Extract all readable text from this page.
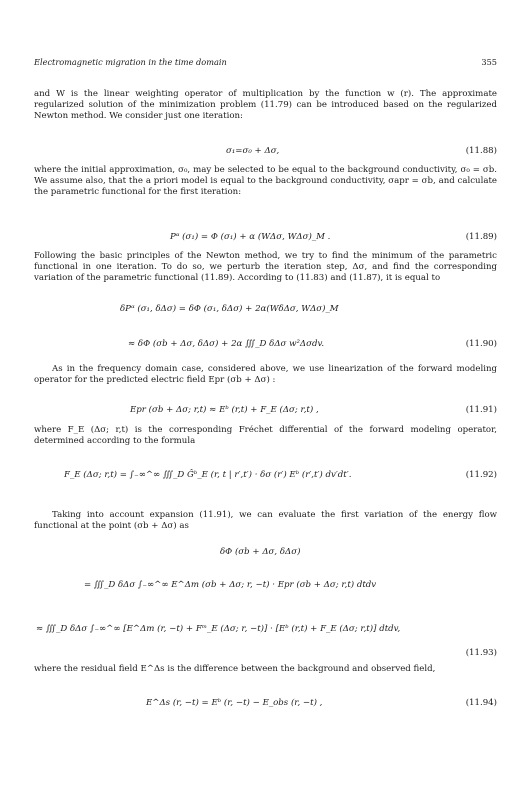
Electromagnetic migration in the time domain	355
and W is the linear weighting operator of multiplication by the function w (r). The approximate regularized solution of the minimization problem (11.79) can be introduced based on the regularized Newton method. We consider just one iteration:
σ₁=σ₀ + Δσ,	(11.88)
where the initial approximation, σ₀, may be selected to be equal to the background conductivity, σ₀ = σb. We assume also, that the a priori model is equal to the background conductivity, σapr = σb, and calculate the parametric functional for the first iteration:
Pᵅ (σ₁) = Φ (σ₁) + α (WΔσ, WΔσ)_M .	(11.89)
Following the basic principles of the Newton method, we try to find the minimum of the parametric functional in one iteration. To do so, we perturb the iteration step, Δσ, and find the corresponding variation of the parametric functional (11.89). According to (11.83) and (11.87), it is equal to
δPᵅ (σ₁, δΔσ) = δΦ (σ₁, δΔσ) + 2α(WδΔσ, WΔσ)_M
≈ δΦ (σb + Δσ, δΔσ) + 2α ∭_D δΔσ w²Δσdv.	(11.90)
As in the frequency domain case, considered above, we use linearization of the forward modeling operator for the predicted electric field Epr (σb + Δσ) :
Epr (σb + Δσ; r,t) ≈ Eᵇ (r,t) + F_E (Δσ; r,t) ,	(11.91)
where F_E (Δσ; r,t) is the corresponding Fréchet differential of the forward modeling operator, determined according to the formula
F_E (Δσ; r,t) = ∫₋∞^∞ ∭_D Ĝᵇ_E (r, t | r′,t′) · δσ (r′) Eᵇ (r′,t′) dv′dt′.	(11.92)
Taking into account expansion (11.91), we can evaluate the first variation of the energy flow functional at the point (σb + Δσ) as
δΦ (σb + Δσ, δΔσ)
= ∭_D δΔσ ∫₋∞^∞ E^Δm (σb + Δσ; r, −t) · Epr (σb + Δσ; r,t) dtdv
≈ ∭_D δΔσ ∫₋∞^∞ [E^Δm (r, −t) + Fᵐ_E (Δσ; r, −t)] · [Eᵇ (r,t) + F_E (Δσ; r,t)] dtdv,
(11.93)
where the residual field E^Δs is the difference between the background and observed field,
E^Δs (r, −t) = Eᵇ (r, −t) − E_obs (r, −t) ,	(11.94)
